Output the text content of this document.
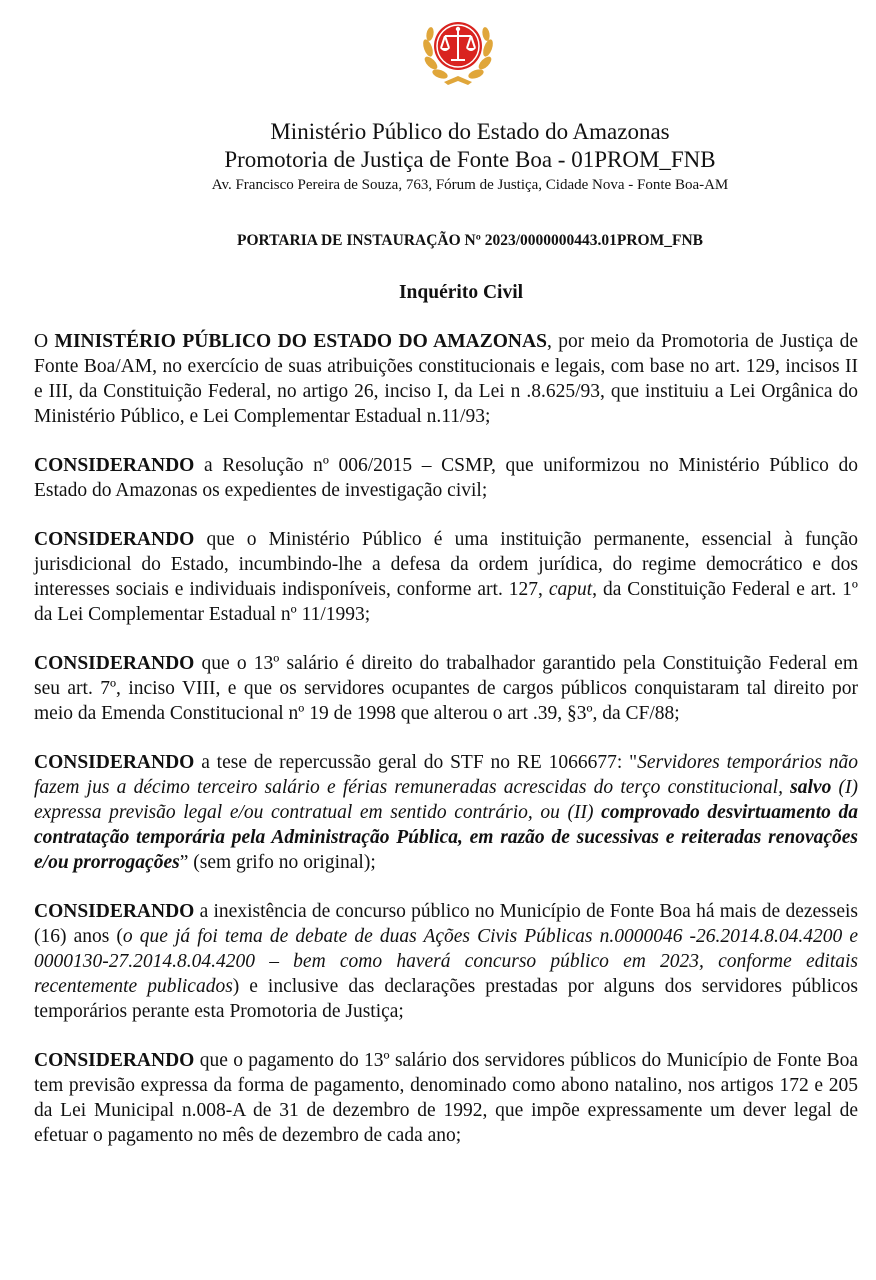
Ministério Público do Estado do Amazonas
Promotoria de Justiça de Fonte Boa - 01PROM_FNB
Av. Francisco Pereira de Souza, 763, Fórum de Justiça, Cidade Nova - Fonte Boa-AM
PORTARIA DE INSTAURAÇÃO Nº 2023/0000000443.01PROM_FNB
Inquérito Civil

O MINISTÉRIO PÚBLICO DO ESTADO DO AMAZONAS, por meio da Promotoria de Justiça de Fonte Boa/AM, no exercício de suas atribuições constitucionais e legais, com base no art. 129, incisos II e III, da Constituição Federal, no artigo 26, inciso I, da Lei n .8.625/93, que instituiu a Lei Orgânica do Ministério Público, e Lei Complementar Estadual n.11/93;

CONSIDERANDO a Resolução nº 006/2015 – CSMP, que uniformizou no Ministério Público do Estado do Amazonas os expedientes de investigação civil;

CONSIDERANDO que o Ministério Público é uma instituição permanente, essencial à função jurisdicional do Estado, incumbindo-lhe a defesa da ordem jurídica, do regime democrático e dos interesses sociais e individuais indisponíveis, conforme art. 127, caput, da Constituição Federal e art. 1º da Lei Complementar Estadual nº 11/1993;

CONSIDERANDO que o 13º salário é direito do trabalhador garantido pela Constituição Federal em seu art. 7º, inciso VIII, e que os servidores ocupantes de cargos públicos conquistaram tal direito por meio da Emenda Constitucional nº 19 de 1998 que alterou o art .39, §3º, da CF/88;

CONSIDERANDO a tese de repercussão geral do STF no RE 1066677: "Servidores temporários não fazem jus a décimo terceiro salário e férias remuneradas acrescidas do terço constitucional, salvo (I) expressa previsão legal e/ou contratual em sentido contrário, ou (II) comprovado desvirtuamento da contratação temporária pela Administração Pública, em razão de sucessivas e reiteradas renovações e/ou prorrogações” (sem grifo no original);

CONSIDERANDO a inexistência de concurso público no Município de Fonte Boa há mais de dezesseis (16) anos (o que já foi tema de debate de duas Ações Civis Públicas n.0000046 -26.2014.8.04.4200 e 0000130-27.2014.8.04.4200 – bem como haverá concurso público em 2023, conforme editais recentemente publicados) e inclusive das declarações prestadas por alguns dos servidores públicos temporários perante esta Promotoria de Justiça;

CONSIDERANDO que o pagamento do 13º salário dos servidores públicos do Município de Fonte Boa tem previsão expressa da forma de pagamento, denominado como abono natalino, nos artigos 172 e 205 da Lei Municipal n.008-A de 31 de dezembro de 1992, que impõe expressamente um dever legal de efetuar o pagamento no mês de dezembro de cada ano;
